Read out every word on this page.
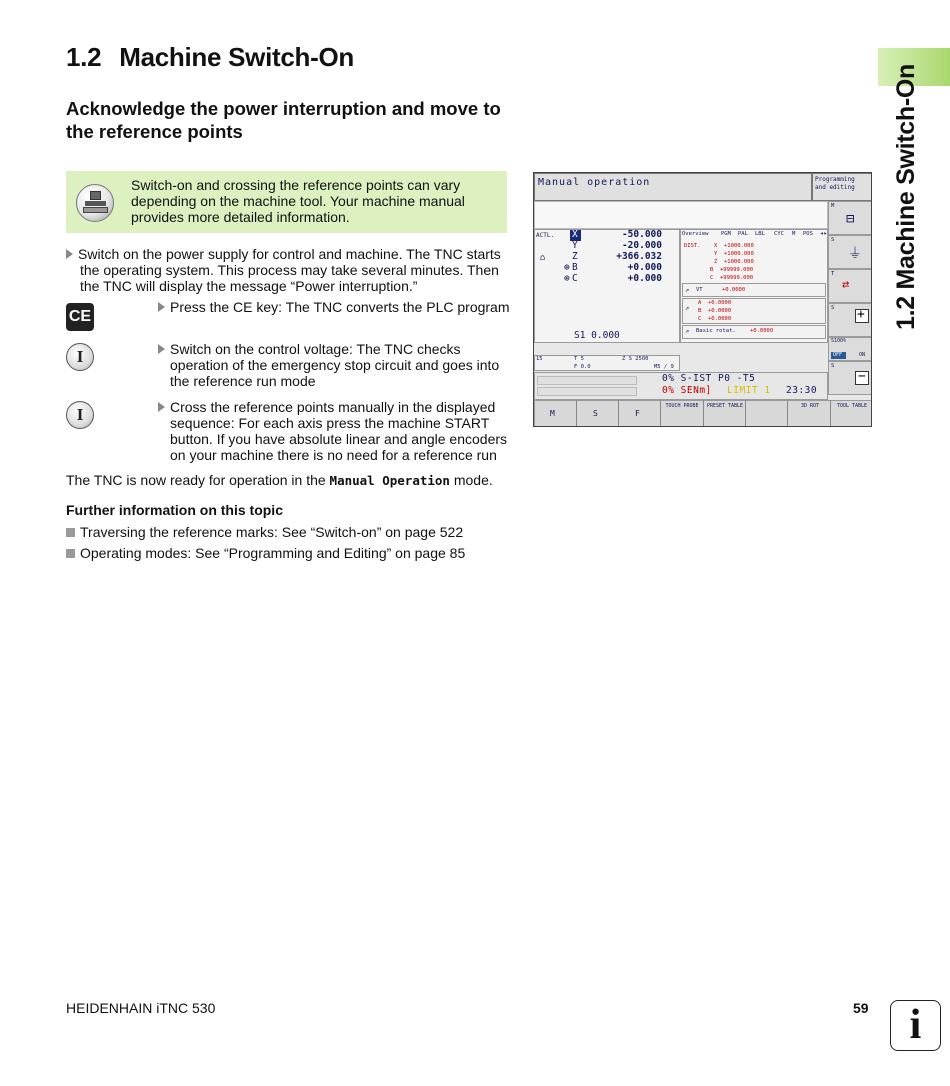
1.2 Machine Switch-On
Acknowledge the power interruption and move to the reference points	1.2 Machine Switch-On
Switch-on and crossing the reference points can vary depending on the machine tool. Your machine manual provides more detailed information.
Switch on the power supply for control and machine. The TNC starts the operating system. This process may take several minutes. Then the TNC will display the message “Power interruption.”
CE
Press the CE key: The TNC converts the PLC program
I	Switch on the control voltage: The TNC checks operation of the emergency stop circuit and goes into the reference run mode
I	Cross the reference points manually in the displayed sequence: For each axis press the machine START button. If you have absolute linear and angle encoders on your machine there is no need for a reference run
The TNC is now ready for operation in the Manual Operation mode.
Further information on this topic
Traversing the reference marks: See “Switch-on” on page 522
Operating modes: See “Programming and Editing” on page 85
HEIDENHAIN iTNC 530	59 i
Manual operation	Programming
and editing
ACTL.
⌂
X	-50.000
Y	-20.000
Z	+366.032
⊕ B	+0.000
⊕ C	+0.000
S1 0.000
Overview PGM PAL LBL CYC M POS ◂▸
DIST. X +1000.000
Y +1000.000
Z +1000.000
B +99999.000
C +99999.000
⇗ VT	+0.0000
⇗
A +0.0000
B +0.0000
C +0.0000
⇗ Basic rotat.	+0.0000
15	T 5	Z S 2500
F 0.0	M5 / 9
0% S-IST P0 -T5
0% SENm] LIMIT 1 23:30
M
⊟
S
⏚
T
⇄
S +
S100%
OFF	ON
S
−
M	S	F
TOUCH PROBE	PRESET TABLE	3D ROT	TOOL TABLE
